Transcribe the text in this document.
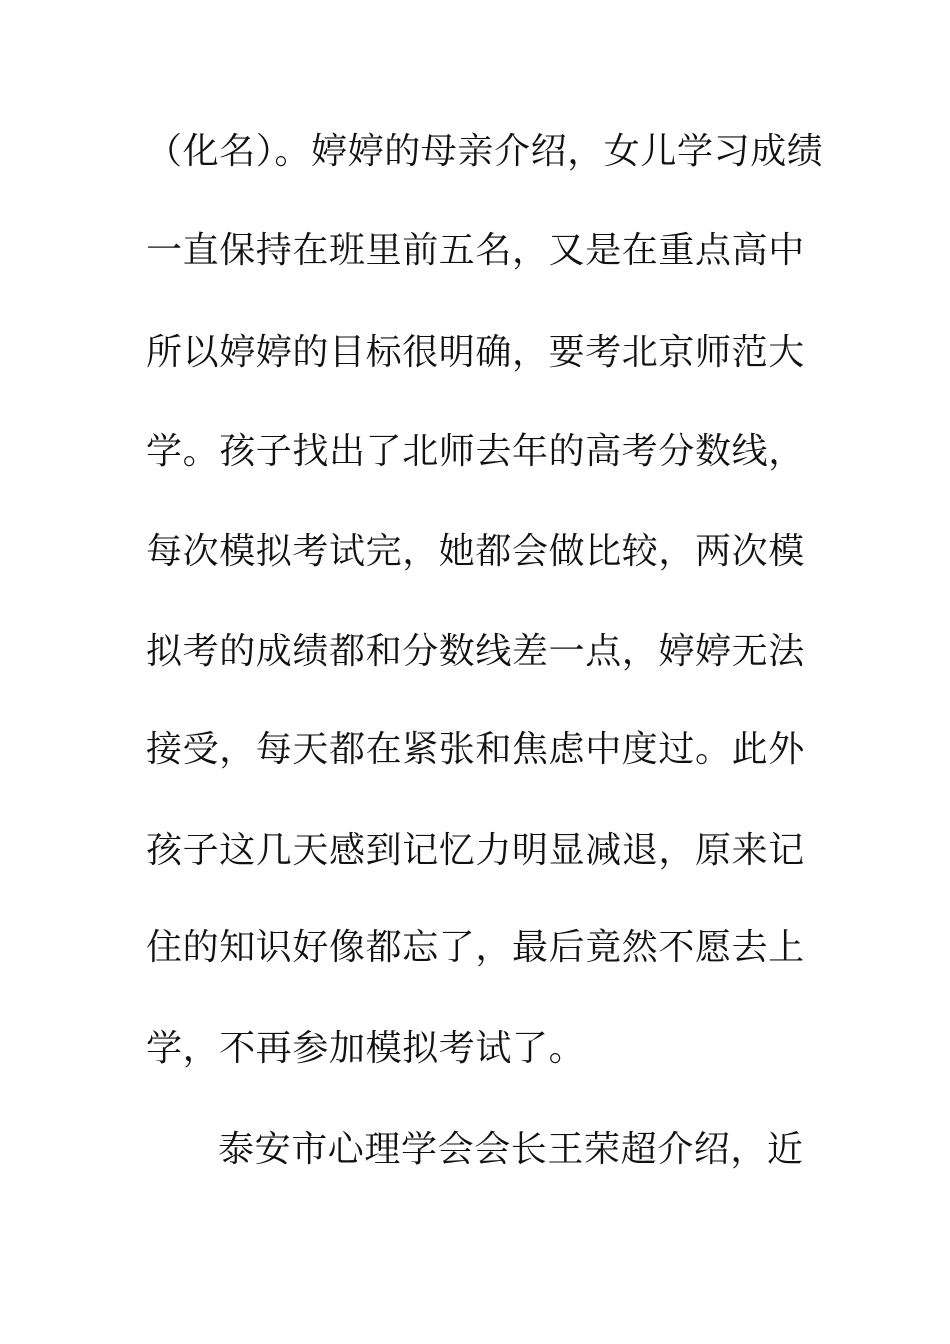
（化名）。婷婷的母亲介绍，女儿学习成绩
一直保持在班里前五名，又是在重点高中
所以婷婷的目标很明确，要考北京师范大
学。孩子找出了北师去年的高考分数线，
每次模拟考试完，她都会做比较，两次模
拟考的成绩都和分数线差一点，婷婷无法
接受，每天都在紧张和焦虑中度过。此外
孩子这几天感到记忆力明显减退，原来记
住的知识好像都忘了，最后竟然不愿去上
学，不再参加模拟考试了。
泰安市心理学会会长王荣超介绍，近
